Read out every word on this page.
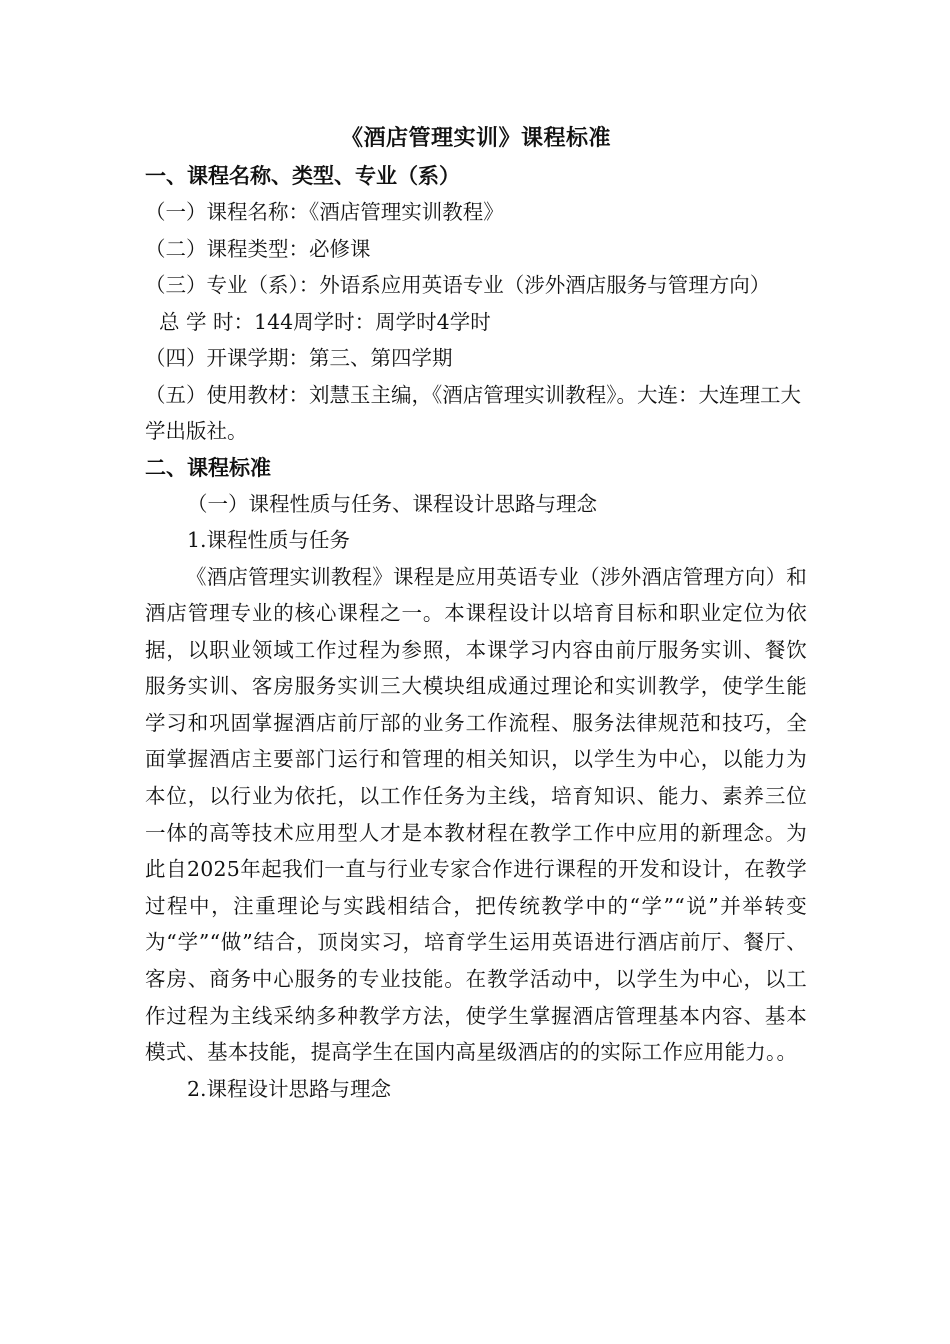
《酒店管理实训》课程标准

一、课程名称、类型、专业（系）

（一）课程名称：《酒店管理实训教程》

（二）课程类型：必修课

（三）专业（系）：外语系应用英语专业（涉外酒店服务与管理方向）

总 学 时：144周学时：周学时4学时

（四）开课学期：第三、第四学期

（五）使用教材：刘慧玉主编，《酒店管理实训教程》。大连：大连理工大学出版社。

二、课程标准

（一）课程性质与任务、课程设计思路与理念

1.课程性质与任务

《酒店管理实训教程》课程是应用英语专业（涉外酒店管理方向）和酒店管理专业的核心课程之一。本课程设计以培育目标和职业定位为依据，以职业领域工作过程为参照，本课学习内容由前厅服务实训、餐饮服务实训、客房服务实训三大模块组成通过理论和实训教学，使学生能学习和巩固掌握酒店前厅部的业务工作流程、服务法律规范和技巧，全面掌握酒店主要部门运行和管理的相关知识，以学生为中心，以能力为本位，以行业为依托，以工作任务为主线，培育知识、能力、素养三位一体的高等技术应用型人才是本教材程在教学工作中应用的新理念。为此自2025年起我们一直与行业专家合作进行课程的开发和设计，在教学过程中，注重理论与实践相结合，把传统教学中的“学”“说”并举转变为“学”“做”结合，顶岗实习，培育学生运用英语进行酒店前厅、餐厅、客房、商务中心服务的专业技能。在教学活动中，以学生为中心，以工作过程为主线采纳多种教学方法，使学生掌握酒店管理基本内容、基本模式、基本技能，提高学生在国内高星级酒店的的实际工作应用能力。。

2.课程设计思路与理念
